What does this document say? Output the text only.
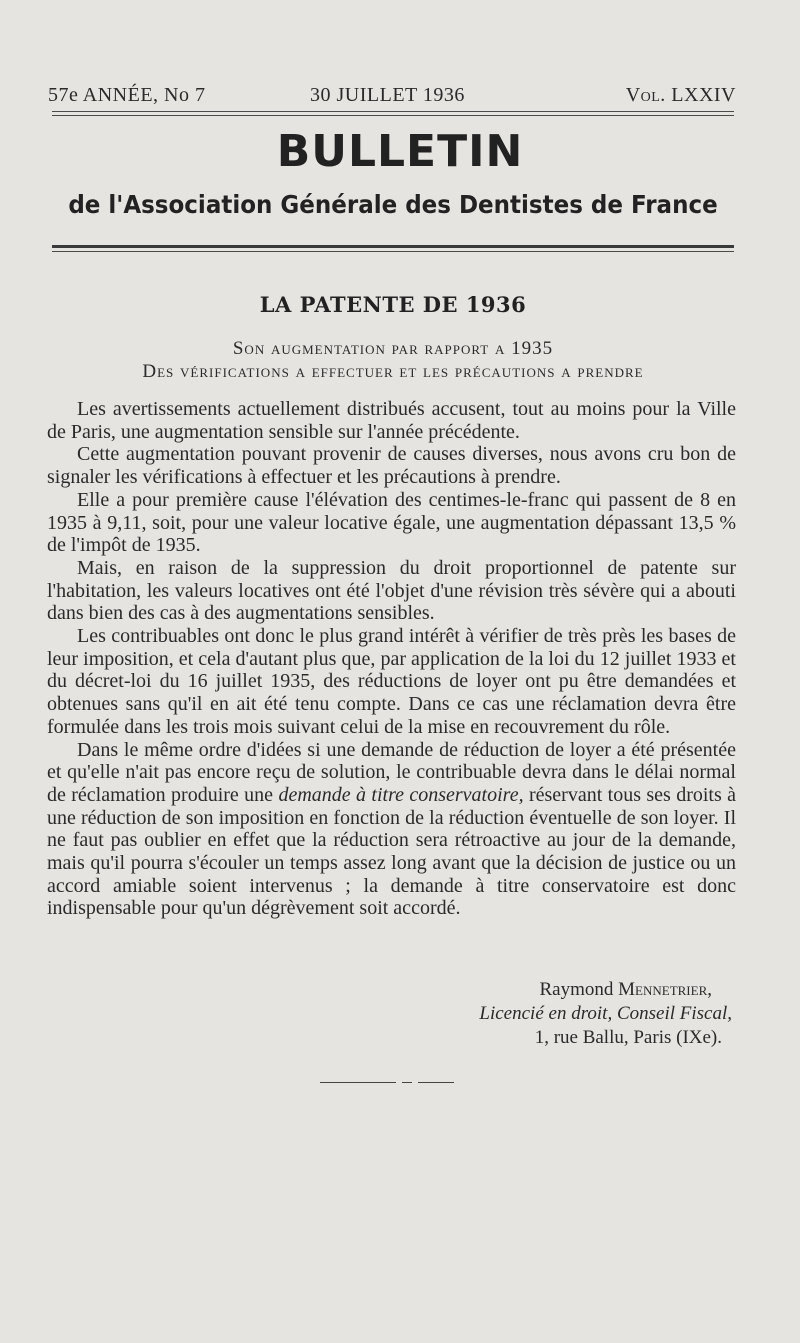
57e ANNÉE, No 7	30 JUILLET 1936	Vol. LXXIV
BULLETIN
de l'Association Générale des Dentistes de France
LA PATENTE DE 1936
Son augmentation par rapport a 1935
Des vérifications a effectuer et les précautions a prendre

Les avertissements actuellement distribués accusent, tout au moins pour la Ville de Paris, une augmentation sensible sur l'année précédente.

Cette augmentation pouvant provenir de causes diverses, nous avons cru bon de signaler les vérifications à effectuer et les précautions à prendre.

Elle a pour première cause l'élévation des centimes-le-franc qui passent de 8 en 1935 à 9,11, soit, pour une valeur locative égale, une augmentation dépassant 13,5 % de l'impôt de 1935.

Mais, en raison de la suppression du droit proportionnel de patente sur l'habitation, les valeurs locatives ont été l'objet d'une révision très sévère qui a abouti dans bien des cas à des augmentations sensibles.

Les contribuables ont donc le plus grand intérêt à vérifier de très près les bases de leur imposition, et cela d'autant plus que, par application de la loi du 12 juillet 1933 et du décret-loi du 16 juillet 1935, des réductions de loyer ont pu être demandées et obtenues sans qu'il en ait été tenu compte. Dans ce cas une réclamation devra être formulée dans les trois mois suivant celui de la mise en recouvrement du rôle.

Dans le même ordre d'idées si une demande de réduction de loyer a été présentée et qu'elle n'ait pas encore reçu de solution, le contribuable devra dans le délai normal de réclamation produire une demande à titre conservatoire, réservant tous ses droits à une réduction de son imposition en fonction de la réduction éventuelle de son loyer. Il ne faut pas oublier en effet que la réduction sera rétroactive au jour de la demande, mais qu'il pourra s'écouler un temps assez long avant que la décision de justice ou un accord amiable soient intervenus ; la demande à titre conservatoire est donc indispensable pour qu'un dégrèvement soit accordé.

Raymond Mennetrier,
Licencié en droit, Conseil Fiscal,
1, rue Ballu, Paris (IXe).
